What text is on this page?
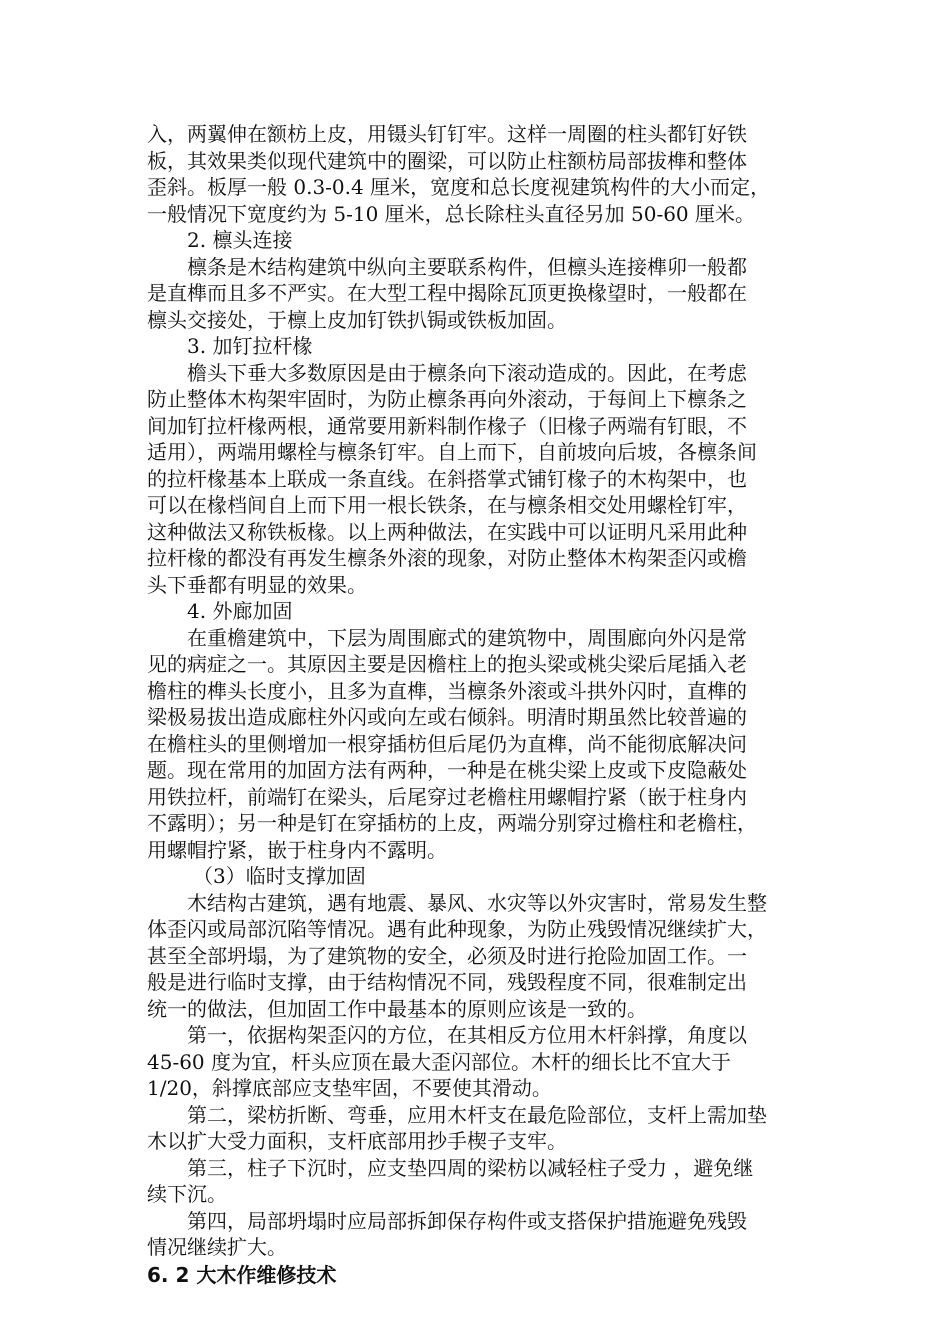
入，两翼伸在额枋上皮，用镊头钉钉牢。这样一周圈的柱头都钉好铁
板，其效果类似现代建筑中的圈梁，可以防止柱额枋局部拔榫和整体
歪斜。板厚一般 0.3-0.4 厘米，宽度和总长度视建筑构件的大小而定，
一般情况下宽度约为 5-10 厘米，总长除柱头直径另加 50-60 厘米。
2. 檩头连接
檩条是木结构建筑中纵向主要联系构件，但檩头连接榫卯一般都
是直榫而且多不严实。在大型工程中揭除瓦顶更换椽望时，一般都在
檩头交接处，于檩上皮加钉铁扒锔或铁板加固。
3. 加钉拉杆椽
檐头下垂大多数原因是由于檩条向下滚动造成的。因此，在考虑
防止整体木构架牢固时，为防止檩条再向外滚动，于每间上下檩条之
间加钉拉杆椽两根，通常要用新料制作椽子（旧椽子两端有钉眼，不
适用），两端用螺栓与檩条钉牢。自上而下，自前坡向后坡，各檩条间
的拉杆椽基本上联成一条直线。在斜搭掌式铺钉椽子的木构架中，也
可以在椽档间自上而下用一根长铁条，在与檩条相交处用螺栓钉牢，
这种做法又称铁板椽。以上两种做法，在实践中可以证明凡采用此种
拉杆椽的都没有再发生檩条外滚的现象，对防止整体木构架歪闪或檐
头下垂都有明显的效果。
4. 外廊加固
在重檐建筑中，下层为周围廊式的建筑物中，周围廊向外闪是常
见的病症之一。其原因主要是因檐柱上的抱头梁或桃尖梁后尾插入老
檐柱的榫头长度小，且多为直榫，当檩条外滚或斗拱外闪时，直榫的
梁极易拔出造成廊柱外闪或向左或右倾斜。明清时期虽然比较普遍的
在檐柱头的里侧增加一根穿插枋但后尾仍为直榫，尚不能彻底解决问
题。现在常用的加固方法有两种，一种是在桃尖梁上皮或下皮隐蔽处
用铁拉杆，前端钉在梁头，后尾穿过老檐柱用螺帽拧紧（嵌于柱身内
不露明）；另一种是钉在穿插枋的上皮，两端分别穿过檐柱和老檐柱，
用螺帽拧紧，嵌于柱身内不露明。
（3）临时支撑加固
木结构古建筑，遇有地震、暴风、水灾等以外灾害时，常易发生整
体歪闪或局部沉陷等情况。遇有此种现象，为防止残毁情况继续扩大，
甚至全部坍塌，为了建筑物的安全，必须及时进行抢险加固工作。一
般是进行临时支撑，由于结构情况不同，残毁程度不同，很难制定出
统一的做法，但加固工作中最基本的原则应该是一致的。
第一，依据构架歪闪的方位，在其相反方位用木杆斜撑，角度以
45-60 度为宜，杆头应顶在最大歪闪部位。木杆的细长比不宜大于
1/20，斜撑底部应支垫牢固，不要使其滑动。
第二，梁枋折断、弯垂，应用木杆支在最危险部位，支杆上需加垫
木以扩大受力面积，支杆底部用抄手楔子支牢。
第三，柱子下沉时，应支垫四周的梁枋以减轻柱子受力 ，避免继
续下沉。
第四，局部坍塌时应局部拆卸保存构件或支搭保护措施避免残毁
情况继续扩大。
6. 2 大木作维修技术
